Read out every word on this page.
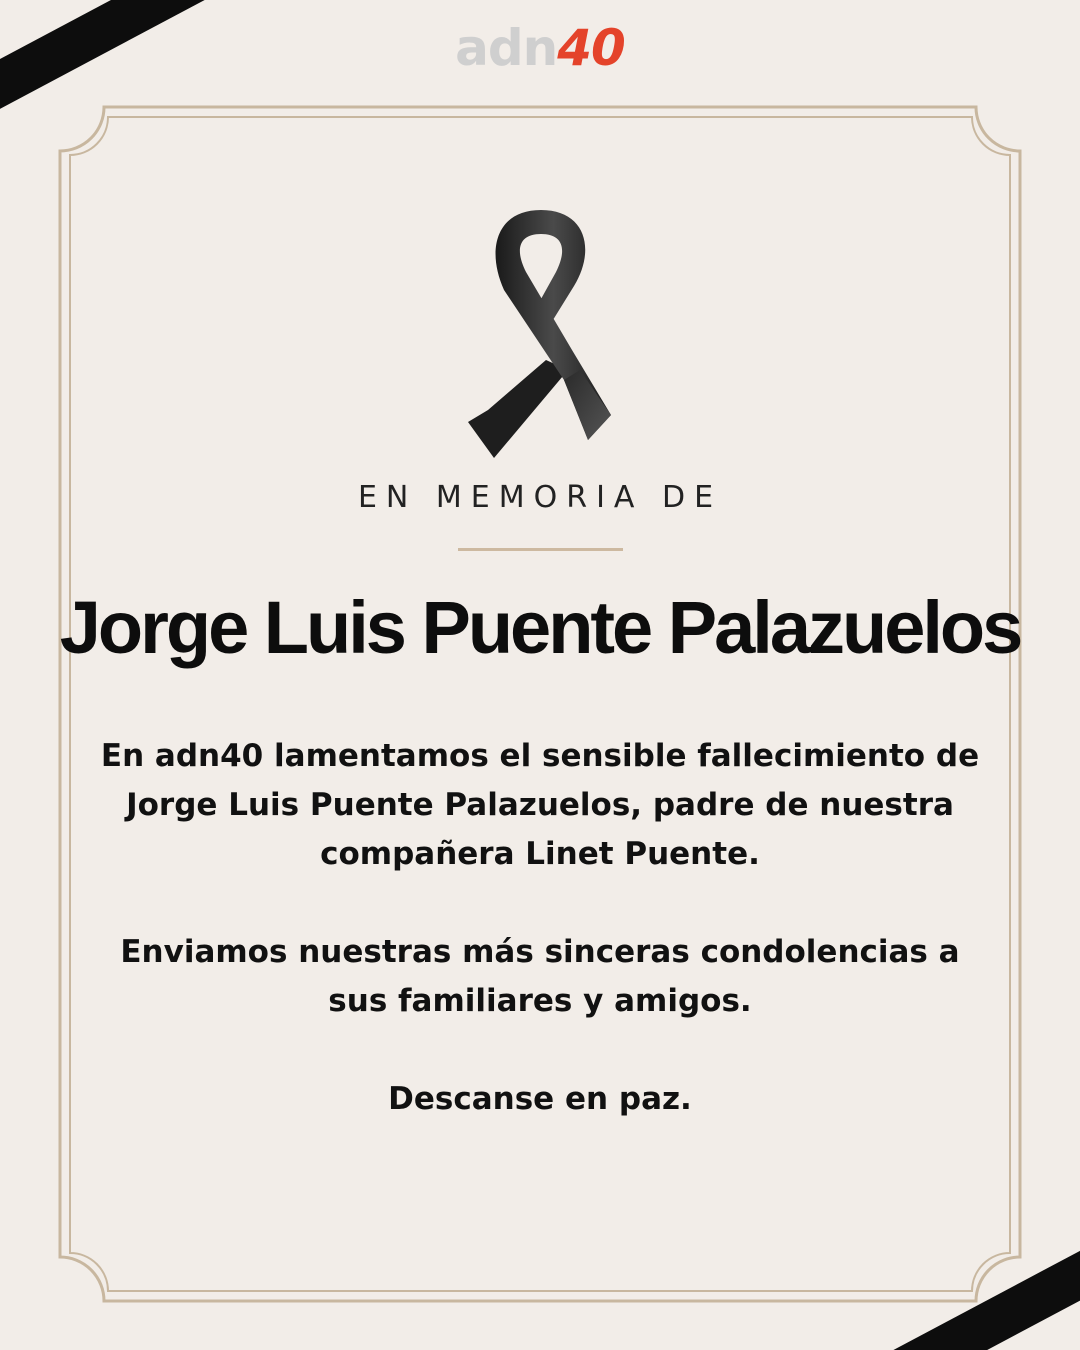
adn40
EN MEMORIA DE
Jorge Luis Puente Palazuelos
En adn40 lamentamos el sensible fallecimiento de Jorge Luis Puente Palazuelos, padre de nuestra compañera Linet Puente.
Enviamos nuestras más sinceras condolencias a sus familiares y amigos.
Descanse en paz.
